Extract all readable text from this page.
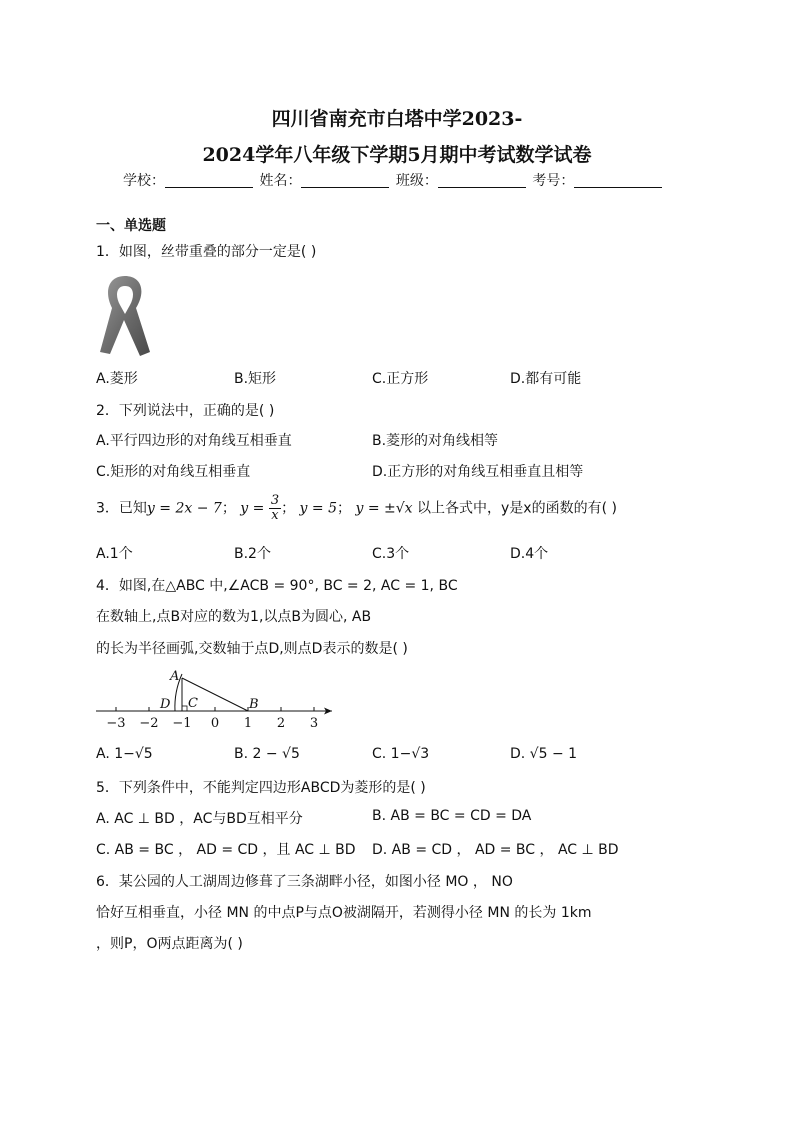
四川省南充市白塔中学2023-
2024学年八年级下学期5月期中考试数学试卷
学校：	姓名：	班级：	考号：
一、单选题
1．如图，丝带重叠的部分一定是( )
A.菱形	B.矩形	C.正方形	D.都有可能
2．下列说法中，正确的是( )
A.平行四边形的对角线互相垂直	B.菱形的对角线相等
C.矩形的对角线互相垂直	D.正方形的对角线互相垂直且相等
3．已知y = 2x − 7； $y = \frac{3}{x}$ ； y = 5； y = ±√x 以上各式中，y是x的函数的有( )
A.1个	B.2个	C.3个	D.4个
4．如图,在△ABC 中,∠ACB = 90°, BC = 2, AC = 1, BC
在数轴上,点B对应的数为1,以点B为圆心, AB
的长为半径画弧,交数轴于点D,则点D表示的数是( )
A
B
C
D
−3 −2 −1 0 1 2 3
A. 1−√5	B. 2 − √5	C. 1−√3	D. √5 − 1
5．下列条件中，不能判定四边形ABCD为菱形的是( )
A. AC ⊥ BD ，AC与BD互相平分	B. AB = BC = CD = DA
C. AB = BC ， AD = CD ，且 AC ⊥ BD D. AB = CD ， AD = BC ， AC ⊥ BD
6．某公园的人工湖周边修葺了三条湖畔小径，如图小径 MO ， NO
恰好互相垂直，小径 MN 的中点P与点O被湖隔开，若测得小径 MN 的长为 1km
，则P，O两点距离为( )
